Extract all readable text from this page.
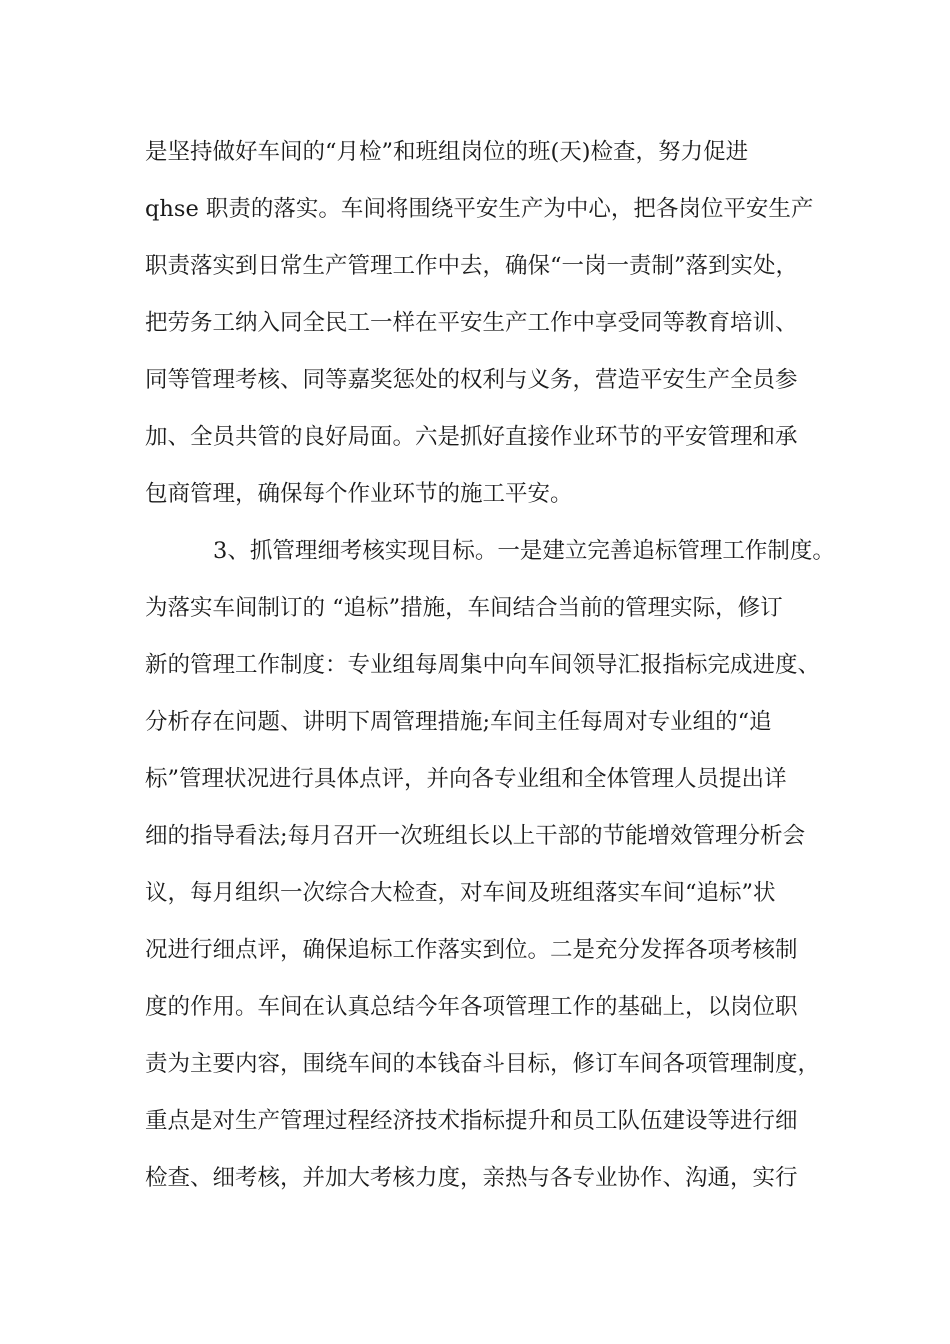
是坚持做好车间的“月检”和班组岗位的班(天)检查，努力促进
qhse 职责的落实。车间将围绕平安生产为中心，把各岗位平安生产
职责落实到日常生产管理工作中去，确保“一岗一责制”落到实处，
把劳务工纳入同全民工一样在平安生产工作中享受同等教育培训、
同等管理考核、同等嘉奖惩处的权利与义务，营造平安生产全员参
加、全员共管的良好局面。六是抓好直接作业环节的平安管理和承
包商管理，确保每个作业环节的施工平安。
3、抓管理细考核实现目标。一是建立完善追标管理工作制度。
为落实车间制订的 “追标”措施，车间结合当前的管理实际，修订
新的管理工作制度：专业组每周集中向车间领导汇报指标完成进度、
分析存在问题、讲明下周管理措施;车间主任每周对专业组的“追
标”管理状况进行具体点评，并向各专业组和全体管理人员提出详
细的指导看法;每月召开一次班组长以上干部的节能增效管理分析会
议，每月组织一次综合大检查，对车间及班组落实车间“追标”状
况进行细点评，确保追标工作落实到位。二是充分发挥各项考核制
度的作用。车间在认真总结今年各项管理工作的基础上，以岗位职
责为主要内容，围绕车间的本钱奋斗目标，修订车间各项管理制度，
重点是对生产管理过程经济技术指标提升和员工队伍建设等进行细
检查、细考核，并加大考核力度，亲热与各专业协作、沟通，实行
